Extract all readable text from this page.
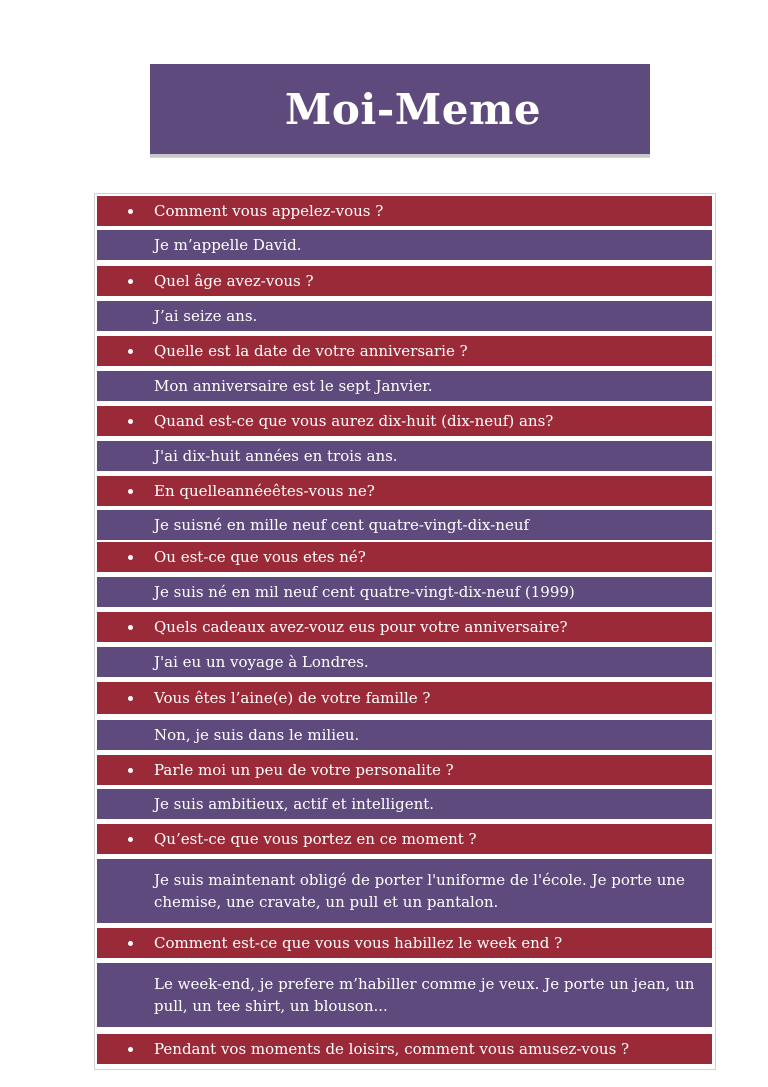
Moi-Meme
Comment vous appelez-vous ?
Je m’appelle David.
Quel âge avez-vous ?
J’ai seize ans.
Quelle est la date de votre anniversarie ?
Mon anniversaire est le sept Janvier.
Quand est-ce que vous aurez dix-huit (dix-neuf) ans?
J'ai dix-huit années en trois ans.
En quelleannéeêtes-vous ne?
Je suisné en mille neuf cent quatre-vingt-dix-neuf
Ou est-ce que vous etes né?
Je suis né en mil neuf cent quatre-vingt-dix-neuf (1999)
Quels cadeaux avez-vouz eus pour votre anniversaire?
J'ai eu un voyage à Londres.
Vous êtes l’aine(e) de votre famille ?
Non, je suis dans le milieu.
Parle moi un peu de votre personalite ?
Je suis ambitieux, actif et intelligent.
Qu’est-ce que vous portez en ce moment ?
Je suis maintenant obligé de porter l'uniforme de l'école. Je porte une chemise, une cravate, un pull et un pantalon.
Comment est-ce que vous vous habillez le week end ?
Le week-end, je prefere m’habiller comme je veux. Je porte un jean, un pull, un tee shirt, un blouson...
Pendant vos moments de loisirs, comment vous amusez-vous ?
